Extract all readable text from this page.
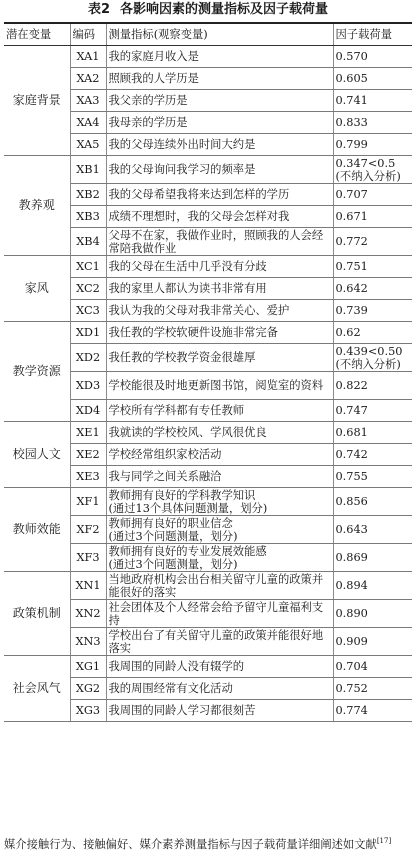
表2 各影响因素的测量指标及因子载荷量
潜在变量	编码	测量指标(观察变量)	因子载荷量
家庭背景	XA1	我的家庭月收入是	0.570
	XA2	照顾我的人学历是	0.605
	XA3	我父亲的学历是	0.741
	XA4	我母亲的学历是	0.833
	XA5	我的父母连续外出时间大约是	0.799
教养观	XB1	我的父母询问我学习的频率是	0.347<0.5
(不纳入分析)
	XB2	我的父母希望我将来达到怎样的学历	0.707
	XB3	成绩不理想时，我的父母会怎样对我	0.671
	XB4	父母不在家，我做作业时，照顾我的人会经常陪我做作业	0.772
家风	XC1	我的父母在生活中几乎没有分歧	0.751
	XC2	我的家里人都认为读书非常有用	0.642
	XC3	我认为我的父母对我非常关心、爱护	0.739
教学资源	XD1	我任教的学校软硬件设施非常完备	0.62
	XD2	我任教的学校教学资金很雄厚	0.439<0.50
(不纳入分析)
	XD3	学校能很及时地更新图书馆，阅览室的资料	0.822
	XD4	学校所有学科都有专任教师	0.747
校园人文	XE1	我就读的学校校风、学风很优良	0.681
	XE2	学校经常组织家校活动	0.742
	XE3	我与同学之间关系融洽	0.755
教师效能	XF1	教师拥有良好的学科教学知识
(通过13个具体问题测量，划分)	0.856
	XF2	教师拥有良好的职业信念
(通过3个问题测量，划分)	0.643
	XF3	教师拥有良好的专业发展效能感
(通过3个问题测量，划分)	0.869
政策机制	XN1	当地政府机构会出台相关留守儿童的政策并能很好的落实	0.894
	XN2	社会团体及个人经常会给予留守儿童福利支持	0.890
	XN3	学校出台了有关留守儿童的政策并能很好地落实	0.909
社会风气	XG1	我周围的同龄人没有辍学的	0.704
	XG2	我的周围经常有文化活动	0.752
	XG3	我周围的同龄人学习都很刻苦	0.774
媒介接触行为、接触偏好、媒介素养测量指标与因子载荷量详细阐述如文献[17]
